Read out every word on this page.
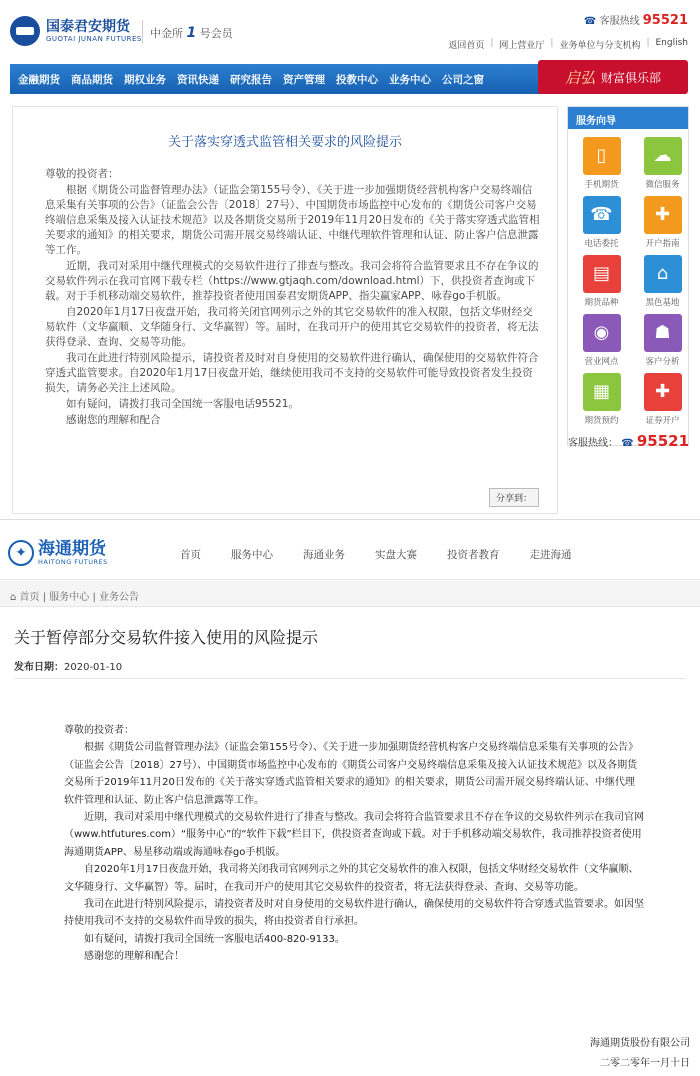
国泰君安期货
GUOTAI JUNAN FUTURES 中金所 1 号会员
☎ 客服热线 95521
返回首页 | 网上营业厅 | 业务单位与分支机构 | English
金融期货 商品期货 期权业务 资讯快递 研究报告 资产管理 投教中心 业务中心 公司之窗	启弘 财富俱乐部
关于落实穿透式监管相关要求的风险提示

尊敬的投资者：

根据《期货公司监督管理办法》（证监会第155号令）、《关于进一步加强期货经营机构客户交易终端信息采集有关事项的公告》（证监会公告〔2018〕27号）、中国期货市场监控中心发布的《期货公司客户交易终端信息采集及接入认证技术规范》以及各期货交易所于2019年11月20日发布的《关于落实穿透式监管相关要求的通知》的相关要求，期货公司需开展交易终端认证、中继代理软件管理和认证、防止客户信息泄露等工作。

近期，我司对采用中继代理模式的交易软件进行了排查与整改。我司会将符合监管要求且不存在争议的交易软件列示在我司官网下载专栏（https://www.gtjaqh.com/download.html）下，供投资者查询或下载。对于手机移动端交易软件，推荐投资者使用国泰君安期货APP、指尖赢家APP、咏春go手机版。

自2020年1月17日夜盘开始，我司将关闭官网列示之外的其它交易软件的准入权限，包括文华财经交易软件（文华赢顺、文华随身行、文华赢智）等。届时，在我司开户的使用其它交易软件的投资者，将无法获得登录、查询、交易等功能。

我司在此进行特别风险提示，请投资者及时对自身使用的交易软件进行确认，确保使用的交易软件符合穿透式监管要求。自2020年1月17日夜盘开始，继续使用我司不支持的交易软件可能导致投资者发生投资损失，请务必关注上述风险。

如有疑问，请拨打我司全国统一客服电话95521。

感谢您的理解和配合

分享到：
服务向导
▯
手机期货
☁
微信服务
☎
电话委托
✚
开户指南
▤
期货品种
⌂
黑色基地
◉
营业网点
☗
客户分析
▦
期货预约
✚
证券开户
客服热线： ☎ 95521
✦ 海通期货
HAITONG FUTURES
首页	服务中心	海通业务	实盘大赛	投资者教育	走进海通
⌂ 首页 | 服务中心 | 业务公告
关于暂停部分交易软件接入使用的风险提示
发布日期：2020-01-10

尊敬的投资者：

根据《期货公司监督管理办法》（证监会第155号令）、《关于进一步加强期货经营机构客户交易终端信息采集有关事项的公告》（证监会公告〔2018〕27号）、中国期货市场监控中心发布的《期货公司客户交易终端信息采集及接入认证技术规范》以及各期货交易所于2019年11月20日发布的《关于落实穿透式监管相关要求的通知》的相关要求，期货公司需开展交易终端认证、中继代理软件管理和认证、防止客户信息泄露等工作。

近期，我司对采用中继代理模式的交易软件进行了排查与整改。我司会将符合监管要求且不存在争议的交易软件列示在我司官网（www.htfutures.com）“服务中心”的“软件下载”栏目下，供投资者查询或下载。对于手机移动端交易软件，我司推荐投资者使用海通期货APP、易星移动端或海通咏春go手机版。

自2020年1月17日夜盘开始，我司将关闭我司官网列示之外的其它交易软件的准入权限，包括文华财经交易软件（文华赢顺、文华随身行、文华赢智）等。届时，在我司开户的使用其它交易软件的投资者，将无法获得登录、查询、交易等功能。

我司在此进行特别风险提示，请投资者及时对自身使用的交易软件进行确认，确保使用的交易软件符合穿透式监管要求。如因坚持使用我司不支持的交易软件而导致的损失，将由投资者自行承担。

如有疑问，请拨打我司全国统一客服电话400-820-9133。

感谢您的理解和配合！

海通期货股份有限公司
二零二零年一月十日
